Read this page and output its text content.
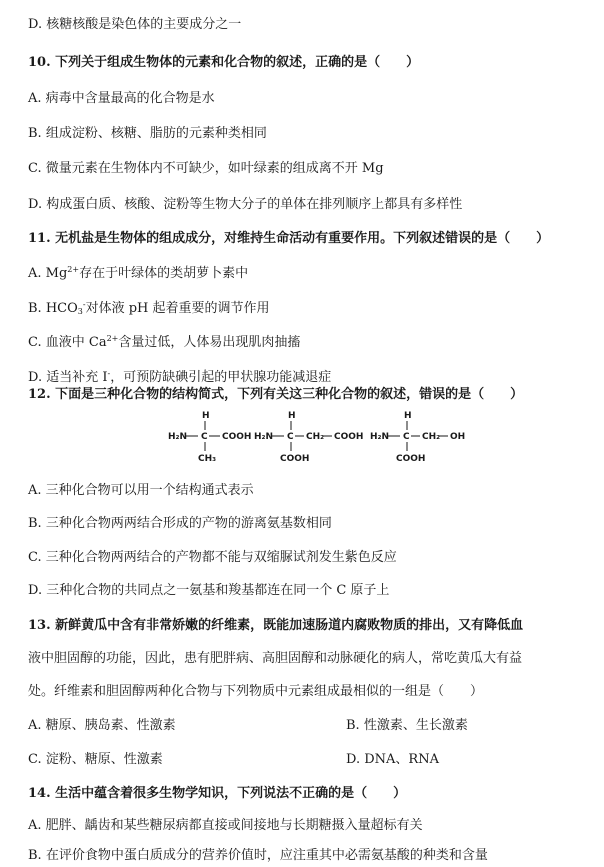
D. 核糖核酸是染色体的主要成分之一
10. 下列关于组成生物体的元素和化合物的叙述，正确的是（　　）
A. 病毒中含量最高的化合物是水
B. 组成淀粉、核糖、脂肪的元素种类相同
C. 微量元素在生物体内不可缺少，如叶绿素的组成离不开 Mg
D. 构成蛋白质、核酸、淀粉等生物大分子的单体在排列顺序上都具有多样性
11. 无机盐是生物体的组成成分，对维持生命活动有重要作用。下列叙述错误的是（　　）
A. $Mg^{2+}$存在于叶绿体的类胡萝卜素中
B. $HCO_3^-$对体液 pH 起着重要的调节作用
C. 血液中 $Ca^{2+}$含量过低，人体易出现肌肉抽搐
D. 适当补充 I-，可预防缺碘引起的甲状腺功能减退症
12. 下面是三种化合物的结构简式，下列有关这三种化合物的叙述，错误的是（　　）
H
H₂N C COOH
CH₃
H
H₂N C CH₂ COOH
COOH
H
H₂N C CH₂ OH
COOH
A. 三种化合物可以用一个结构通式表示
B. 三种化合物两两结合形成的产物的游离氨基数相同
C. 三种化合物两两结合的产物都不能与双缩脲试剂发生紫色反应
D. 三种化合物的共同点之一氨基和羧基都连在同一个 C 原子上
13. 新鲜黄瓜中含有非常娇嫩的纤维素，既能加速肠道内腐败物质的排出，又有降低血
液中胆固醇的功能，因此，患有肥胖病、高胆固醇和动脉硬化的病人，常吃黄瓜大有益
处。纤维素和胆固醇两种化合物与下列物质中元素组成最相似的一组是（　　）
A. 糖原、胰岛素、性激素	B. 性激素、生长激素
C. 淀粉、糖原、性激素	D. DNA、RNA
14. 生活中蕴含着很多生物学知识，下列说法不正确的是（　　）
A. 肥胖、龋齿和某些糖尿病都直接或间接地与长期糖摄入量超标有关
B. 在评价食物中蛋白质成分的营养价值时，应注重其中必需氨基酸的种类和含量
